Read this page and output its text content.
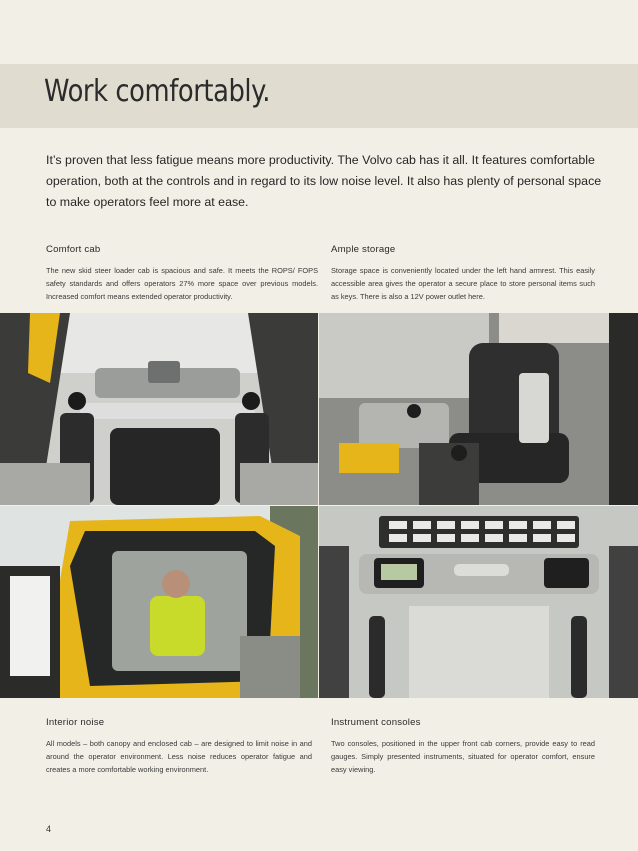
Work comfortably.

It’s proven that less fatigue means more productivity. The Volvo cab has it all. It features comfortable operation, both at the controls and in regard to its low noise level. It also has plenty of personal space to make operators feel more at ease.

Comfort cab

The new skid steer loader cab is spacious and safe. It meets the ROPS/ FOPS safety standards and offers operators 27% more space over previous models. Increased comfort means extended operator productivity.

Ample storage

Storage space is conveniently located under the left hand armrest. This easily accessible area gives the operator a secure place to store personal items such as keys. There is also a 12V power outlet here.

Interior noise

All models – both canopy and enclosed cab – are designed to limit noise in and around the operator environment. Less noise reduces operator fatigue and creates a more comfortable working environment.

Instrument consoles

Two consoles, positioned in the upper front cab corners, provide easy to read gauges. Simply presented instruments, situated for operator comfort, ensure easy viewing.

4
